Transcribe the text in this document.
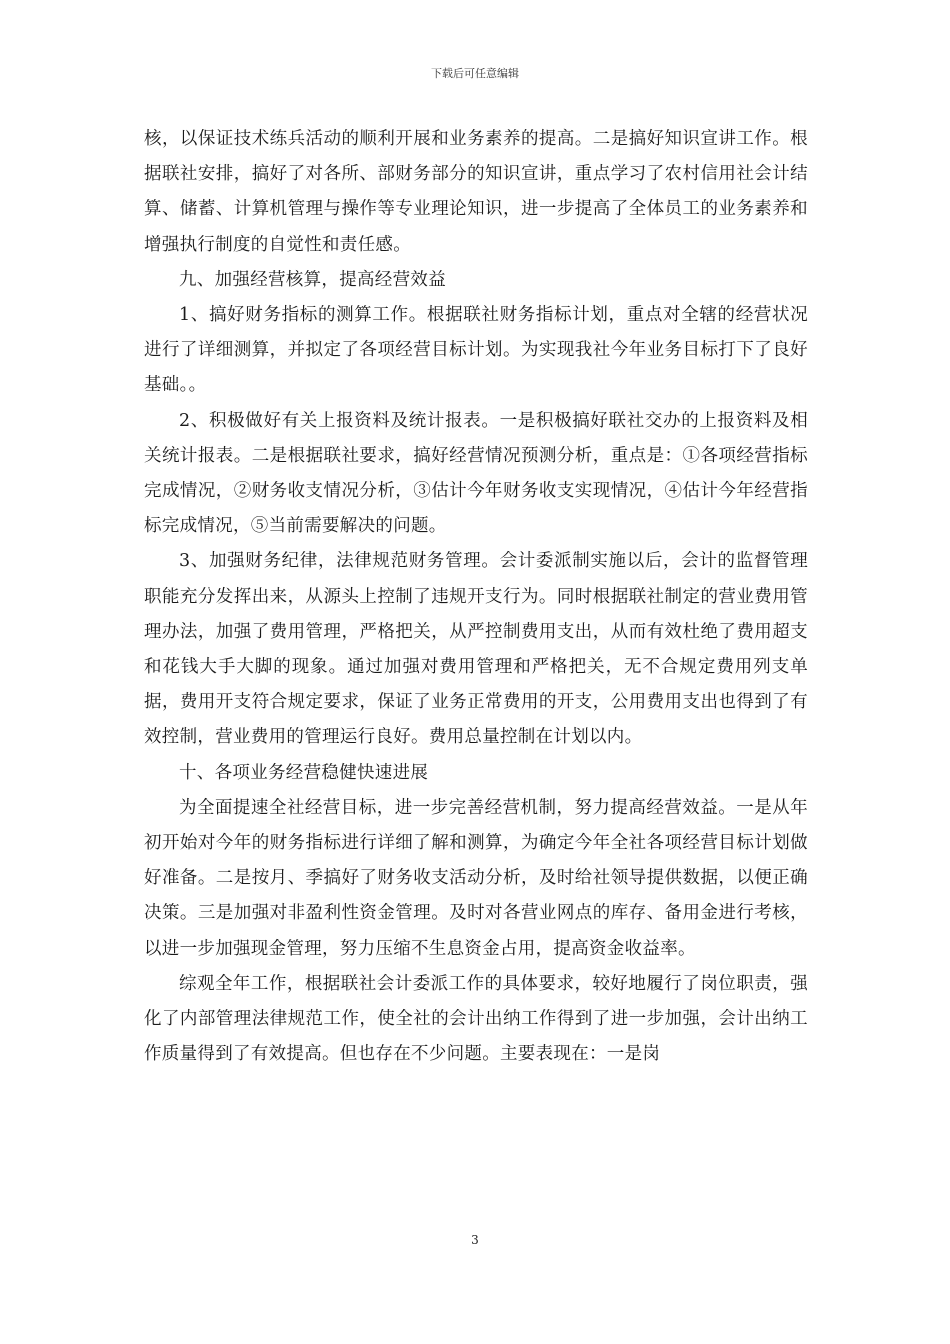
下载后可任意编辑

核，以保证技术练兵活动的顺利开展和业务素养的提高。二是搞好知识宣讲工作。根据联社安排，搞好了对各所、部财务部分的知识宣讲，重点学习了农村信用社会计结算、储蓄、计算机管理与操作等专业理论知识，进一步提高了全体员工的业务素养和增强执行制度的自觉性和责任感。

九、加强经营核算，提高经营效益

1、搞好财务指标的测算工作。根据联社财务指标计划，重点对全辖的经营状况进行了详细测算，并拟定了各项经营目标计划。为实现我社今年业务目标打下了良好基础。。

2、积极做好有关上报资料及统计报表。一是积极搞好联社交办的上报资料及相关统计报表。二是根据联社要求，搞好经营情况预测分析，重点是：①各项经营指标完成情况，②财务收支情况分析，③估计今年财务收支实现情况，④估计今年经营指标完成情况，⑤当前需要解决的问题。

3、加强财务纪律，法律规范财务管理。会计委派制实施以后，会计的监督管理职能充分发挥出来，从源头上控制了违规开支行为。同时根据联社制定的营业费用管理办法，加强了费用管理，严格把关，从严控制费用支出，从而有效杜绝了费用超支和花钱大手大脚的现象。通过加强对费用管理和严格把关，无不合规定费用列支单据，费用开支符合规定要求，保证了业务正常费用的开支，公用费用支出也得到了有效控制，营业费用的管理运行良好。费用总量控制在计划以内。

十、各项业务经营稳健快速进展

为全面提速全社经营目标，进一步完善经营机制，努力提高经营效益。一是从年初开始对今年的财务指标进行详细了解和测算，为确定今年全社各项经营目标计划做好准备。二是按月、季搞好了财务收支活动分析，及时给社领导提供数据，以便正确决策。三是加强对非盈利性资金管理。及时对各营业网点的库存、备用金进行考核，以进一步加强现金管理，努力压缩不生息资金占用，提高资金收益率。

综观全年工作，根据联社会计委派工作的具体要求，较好地履行了岗位职责，强化了内部管理法律规范工作，使全社的会计出纳工作得到了进一步加强，会计出纳工作质量得到了有效提高。但也存在不少问题。主要表现在：一是岗

3
